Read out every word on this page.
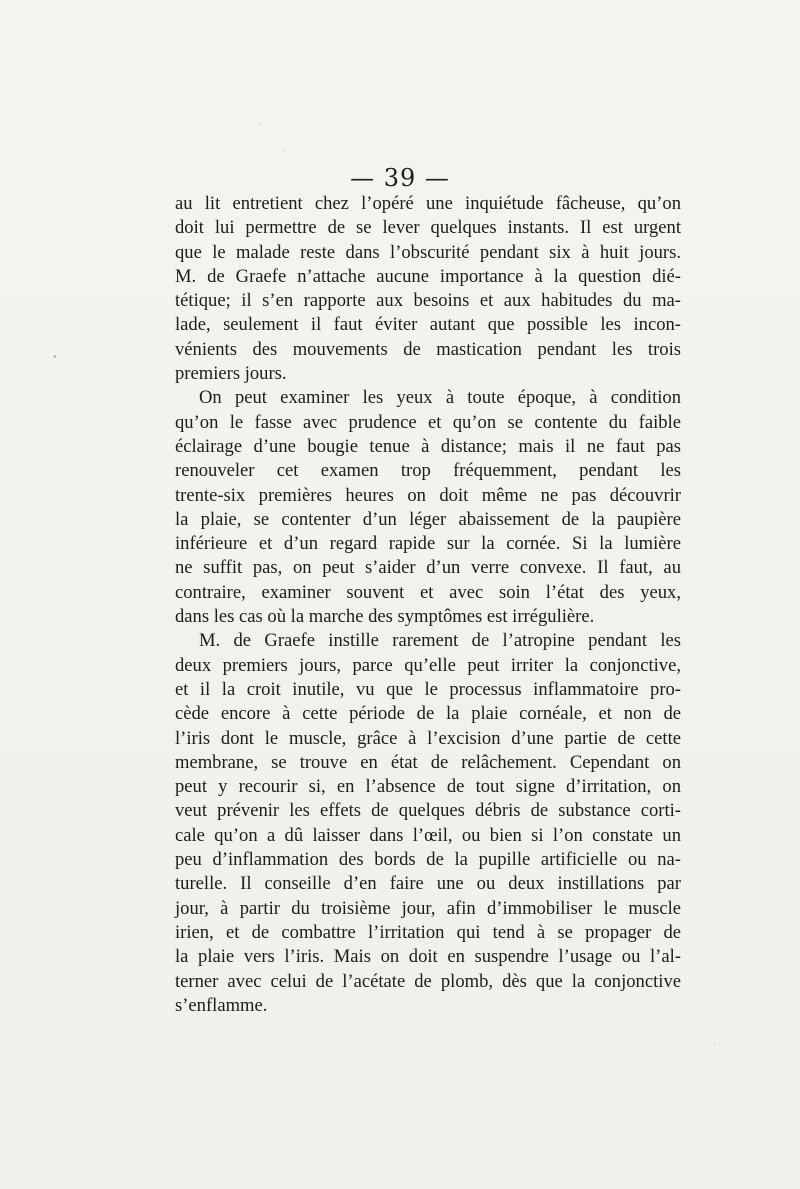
·
·
•
·
— 39 —
au lit entretient chez l’opéré une inquiétude fâcheuse, qu’on
doit lui permettre de se lever quelques instants. Il est urgent
que le malade reste dans l’obscurité pendant six à huit jours.
M. de Graefe n’attache aucune importance à la question dié-
tétique; il s’en rapporte aux besoins et aux habitudes du ma-
lade, seulement il faut éviter autant que possible les incon-
vénients des mouvements de mastication pendant les trois
premiers jours.
On peut examiner les yeux à toute époque, à condition
qu’on le fasse avec prudence et qu’on se contente du faible
éclairage d’une bougie tenue à distance; mais il ne faut pas
renouveler cet examen trop fréquemment, pendant les
trente-six premières heures on doit même ne pas découvrir
la plaie, se contenter d’un léger abaissement de la paupière
inférieure et d’un regard rapide sur la cornée. Si la lumière
ne suffit pas, on peut s’aider d’un verre convexe. Il faut, au
contraire, examiner souvent et avec soin l’état des yeux,
dans les cas où la marche des symptômes est irrégulière.
M. de Graefe instille rarement de l’atropine pendant les
deux premiers jours, parce qu’elle peut irriter la conjonctive,
et il la croit inutile, vu que le processus inflammatoire pro-
cède encore à cette période de la plaie cornéale, et non de
l’iris dont le muscle, grâce à l’excision d’une partie de cette
membrane, se trouve en état de relâchement. Cependant on
peut y recourir si, en l’absence de tout signe d’irritation, on
veut prévenir les effets de quelques débris de substance corti-
cale qu’on a dû laisser dans l’œil, ou bien si l’on constate un
peu d’inflammation des bords de la pupille artificielle ou na-
turelle. Il conseille d’en faire une ou deux instillations par
jour, à partir du troisième jour, afin d’immobiliser le muscle
irien, et de combattre l’irritation qui tend à se propager de
la plaie vers l’iris. Mais on doit en suspendre l’usage ou l’al-
terner avec celui de l’acétate de plomb, dès que la conjonctive
s’enflamme.
